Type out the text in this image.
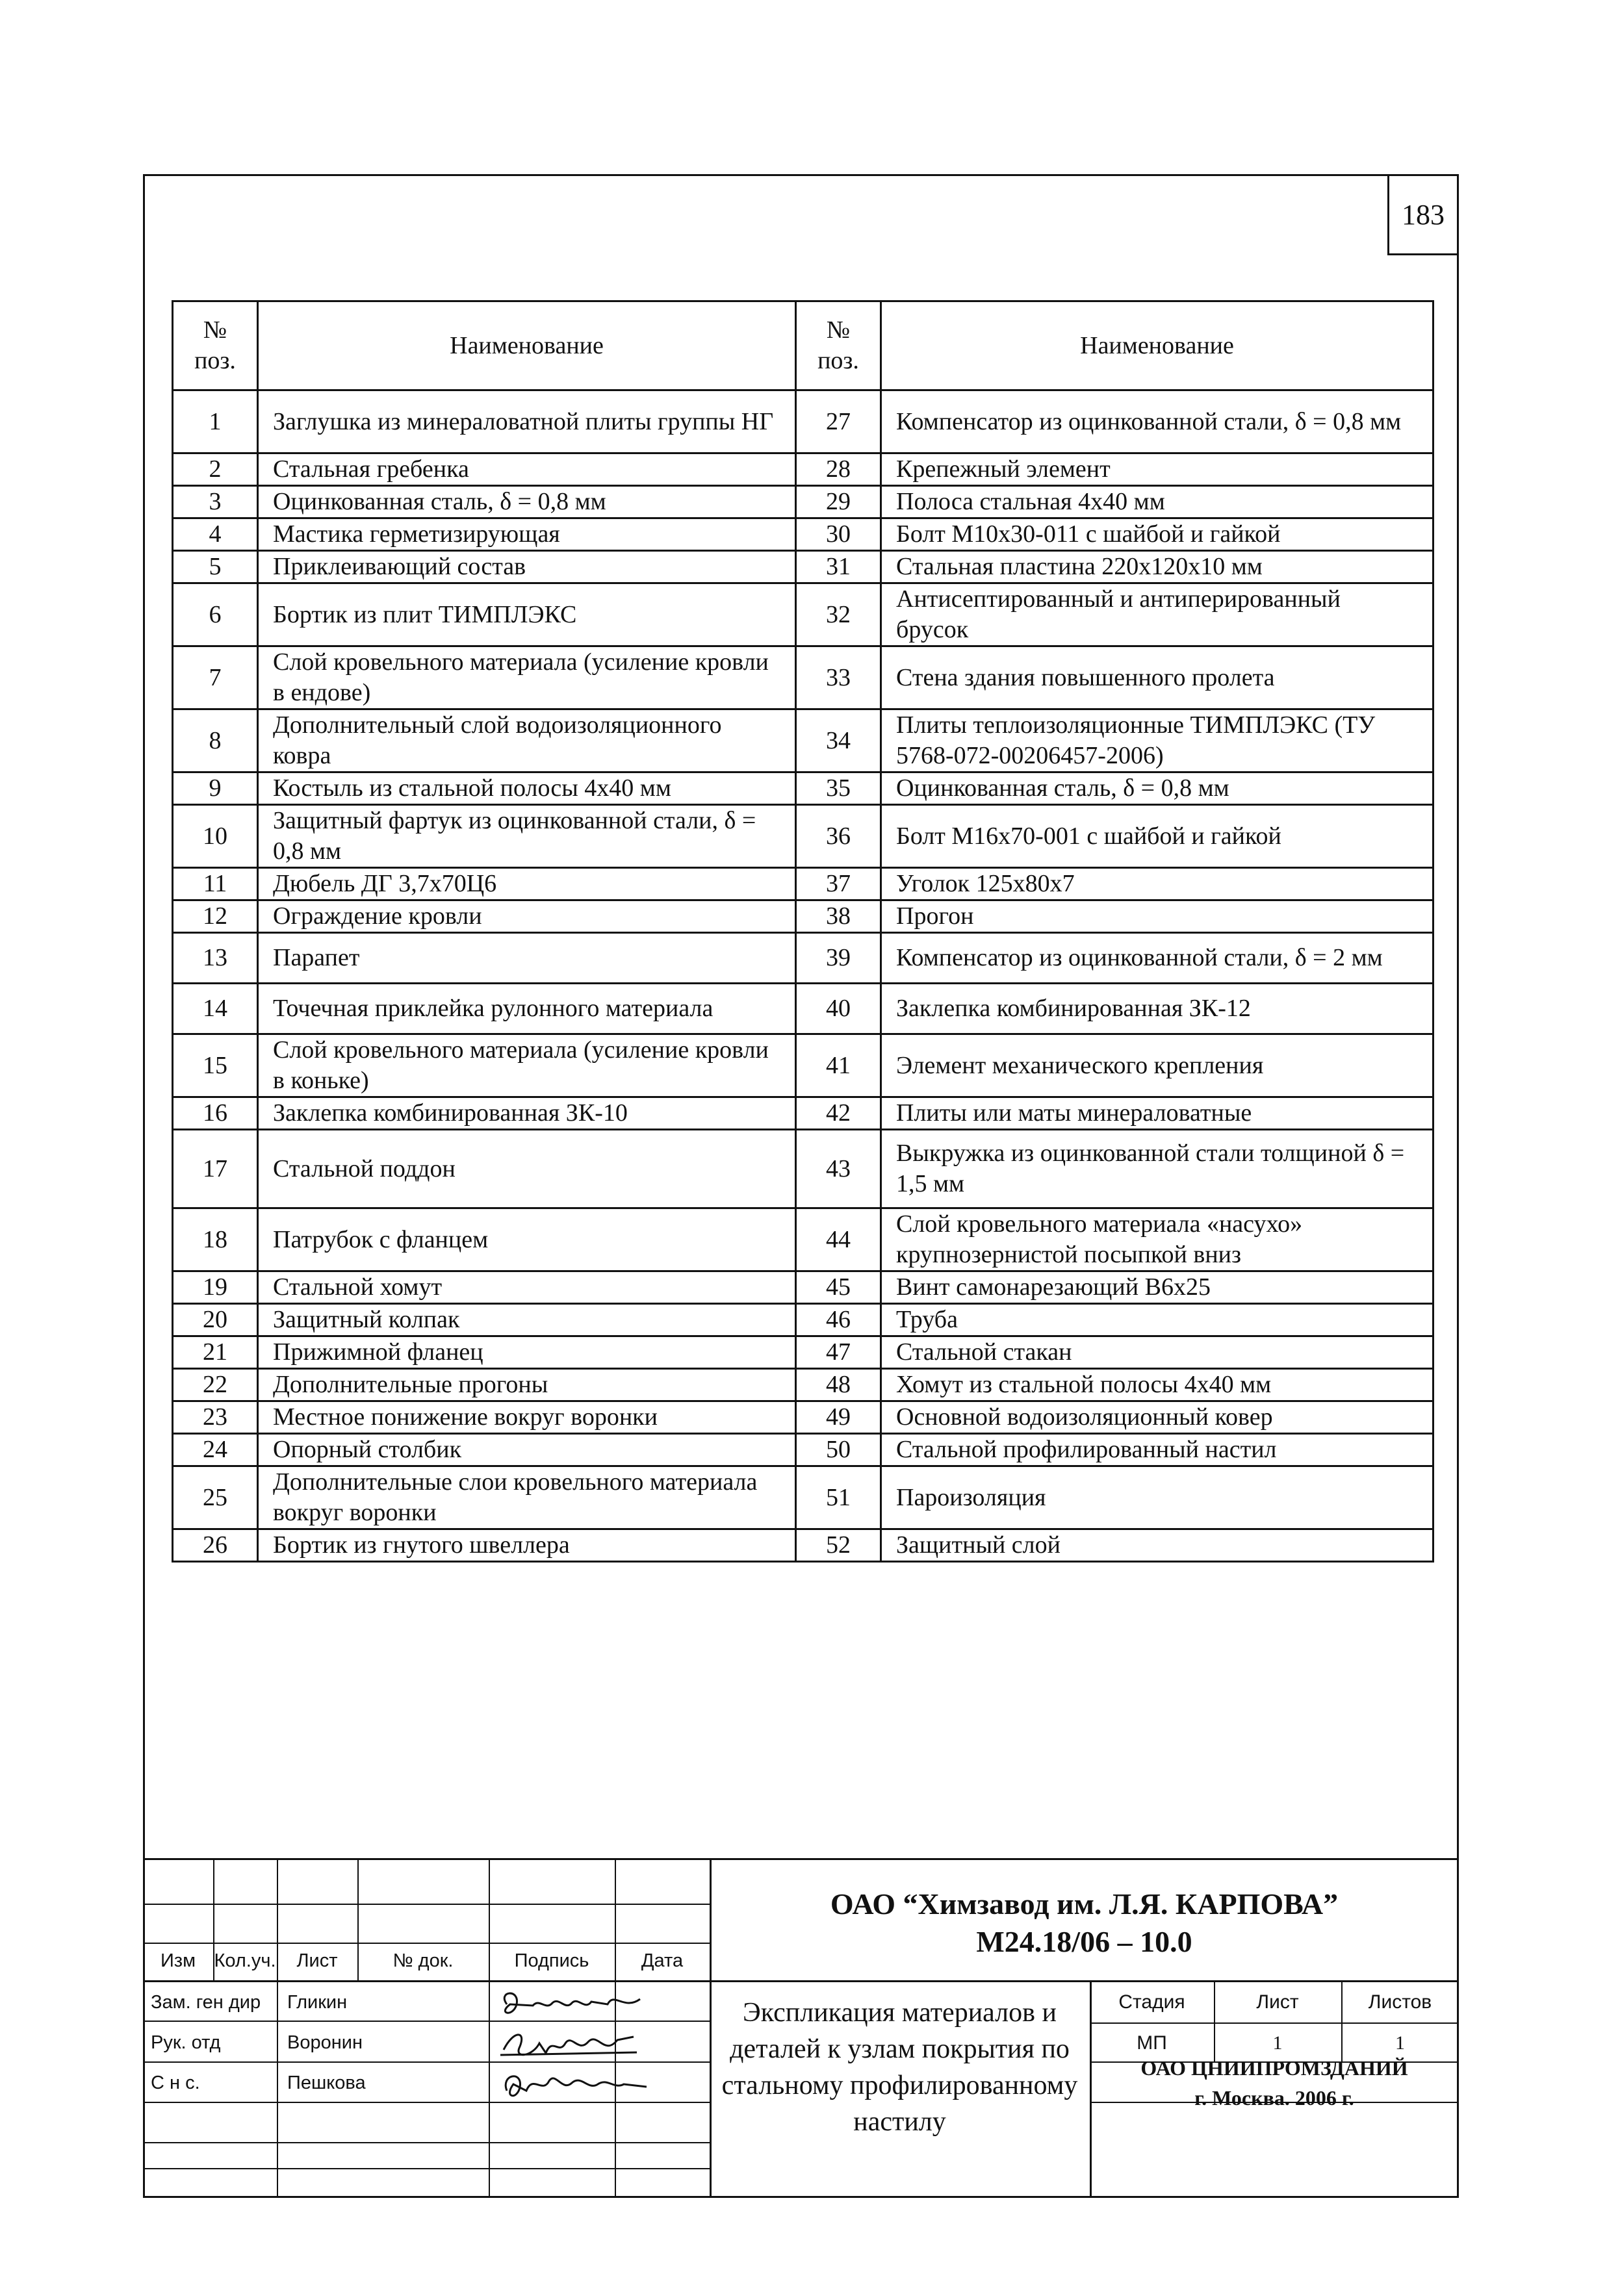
183
№ поз.	Наименование	№ поз.	Наименование
1	Заглушка из минераловатной плиты группы НГ	27	Компенсатор из оцинкованной стали, δ = 0,8 мм
2	Стальная гребенка	28	Крепежный элемент
3	Оцинкованная сталь, δ = 0,8 мм	29	Полоса стальная 4х40 мм
4	Мастика герметизирующая	30	Болт М10х30-011 с шайбой и гайкой
5	Приклеивающий состав	31	Стальная пластина 220х120х10 мм
6	Бортик из плит ТИМПЛЭКС	32	Антисептированный и антиперированный брусок
7	Слой кровельного материала (усиление кровли в ендове)	33	Стена здания повышенного пролета
8	Дополнительный слой водоизоляционного ковра	34	Плиты теплоизоляционные ТИМПЛЭКС (ТУ 5768-072-00206457-2006)
9	Костыль из стальной полосы 4х40 мм	35	Оцинкованная сталь, δ = 0,8 мм
10	Защитный фартук из оцинкованной стали, δ = 0,8 мм	36	Болт М16х70-001 с шайбой и гайкой
11	Дюбель ДГ 3,7х70Ц6	37	Уголок 125х80х7
12	Ограждение кровли	38	Прогон
13	Парапет	39	Компенсатор из оцинкованной стали, δ = 2 мм
14	Точечная приклейка рулонного материала	40	Заклепка комбинированная ЗК-12
15	Слой кровельного материала (усиление кровли в коньке)	41	Элемент механического крепления
16	Заклепка комбинированная ЗК-10	42	Плиты или маты минераловатные
17	Стальной поддон	43	Выкружка из оцинкованной стали толщиной δ = 1,5 мм
18	Патрубок с фланцем	44	Слой кровельного материала «насухо» крупнозернистой посыпкой вниз
19	Стальной хомут	45	Винт самонарезающий В6х25
20	Защитный колпак	46	Труба
21	Прижимной фланец	47	Стальной стакан
22	Дополнительные прогоны	48	Хомут из стальной полосы 4х40 мм
23	Местное понижение вокруг воронки	49	Основной водоизоляционный ковер
24	Опорный столбик	50	Стальной профилированный настил
25	Дополнительные слои кровельного материала вокруг воронки	51	Пароизоляция
26	Бортик из гнутого швеллера	52	Защитный слой
Изм Кол.уч.	Лист	№ док.	Подпись	Дата
Зам. ген дир Гликин
Рук. отд	Воронин
С н с.	Пешкова
ОАО “Химзавод им. Л.Я. КАРПОВА”
М24.18/06 – 10.0
Экспликация материалов и деталей к узлам покрытия по стальному профилированному настилу
Стадия	Лист	Листов
МП	1	1
ОАО ЦНИИПРОМЗДАНИЙ
г. Москва. 2006 г.
